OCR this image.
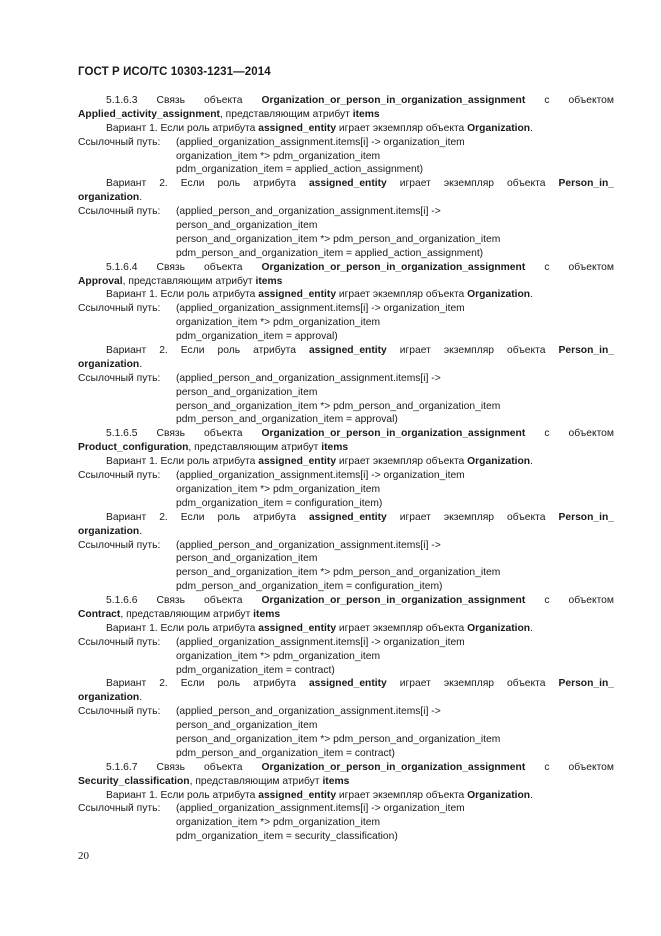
ГОСТ Р ИСО/ТС 10303-1231—2014
5.1.6.3 Связь объекта Organization_or_person_in_organization_assignment с объектом
Applied_activity_assignment, представляющим атрибут items
Вариант 1. Если роль атрибута assigned_entity играет экземпляр объекта Organization.
Ссылочный путь:	(applied_organization_assignment.items[i] -> organization_item
organization_item *> pdm_organization_item
pdm_organization_item = applied_action_assignment)
Вариант 2. Если роль атрибута assigned_entity играет экземпляр объекта Person_in_
organization.
Ссылочный путь:	(applied_person_and_organization_assignment.items[i] ->
person_and_organization_item
person_and_organization_item *> pdm_person_and_organization_item
pdm_person_and_organization_item = applied_action_assignment)
5.1.6.4 Связь объекта Organization_or_person_in_organization_assignment с объектом
Approval, представляющим атрибут items
Вариант 1. Если роль атрибута assigned_entity играет экземпляр объекта Organization.
Ссылочный путь:	(applied_organization_assignment.items[i] -> organization_item
organization_item *> pdm_organization_item
pdm_organization_item = approval)
Вариант 2. Если роль атрибута assigned_entity играет экземпляр объекта Person_in_
organization.
Ссылочный путь:	(applied_person_and_organization_assignment.items[i] ->
person_and_organization_item
person_and_organization_item *> pdm_person_and_organization_item
pdm_person_and_organization_item = approval)
5.1.6.5 Связь объекта Organization_or_person_in_organization_assignment с объектом
Product_configuration, представляющим атрибут items
Вариант 1. Если роль атрибута assigned_entity играет экземпляр объекта Organization.
Ссылочный путь:	(applied_organization_assignment.items[i] -> organization_item
organization_item *> pdm_organization_item
pdm_organization_item = configuration_item)
Вариант 2. Если роль атрибута assigned_entity играет экземпляр объекта Person_in_
organization.
Ссылочный путь:	(applied_person_and_organization_assignment.items[i] ->
person_and_organization_item
person_and_organization_item *> pdm_person_and_organization_item
pdm_person_and_organization_item = configuration_item)
5.1.6.6 Связь объекта Organization_or_person_in_organization_assignment с объектом
Contract, представляющим атрибут items
Вариант 1. Если роль атрибута assigned_entity играет экземпляр объекта Organization.
Ссылочный путь:	(applied_organization_assignment.items[i] -> organization_item
organization_item *> pdm_organization_item
pdm_organization_item = contract)
Вариант 2. Если роль атрибута assigned_entity играет экземпляр объекта Person_in_
organization.
Ссылочный путь:	(applied_person_and_organization_assignment.items[i] ->
person_and_organization_item
person_and_organization_item *> pdm_person_and_organization_item
pdm_person_and_organization_item = contract)
5.1.6.7 Связь объекта Organization_or_person_in_organization_assignment с объектом
Security_classification, представляющим атрибут items
Вариант 1. Если роль атрибута assigned_entity играет экземпляр объекта Organization.
Ссылочный путь:	(applied_organization_assignment.items[i] -> organization_item
organization_item *> pdm_organization_item
pdm_organization_item = security_classification)
20
